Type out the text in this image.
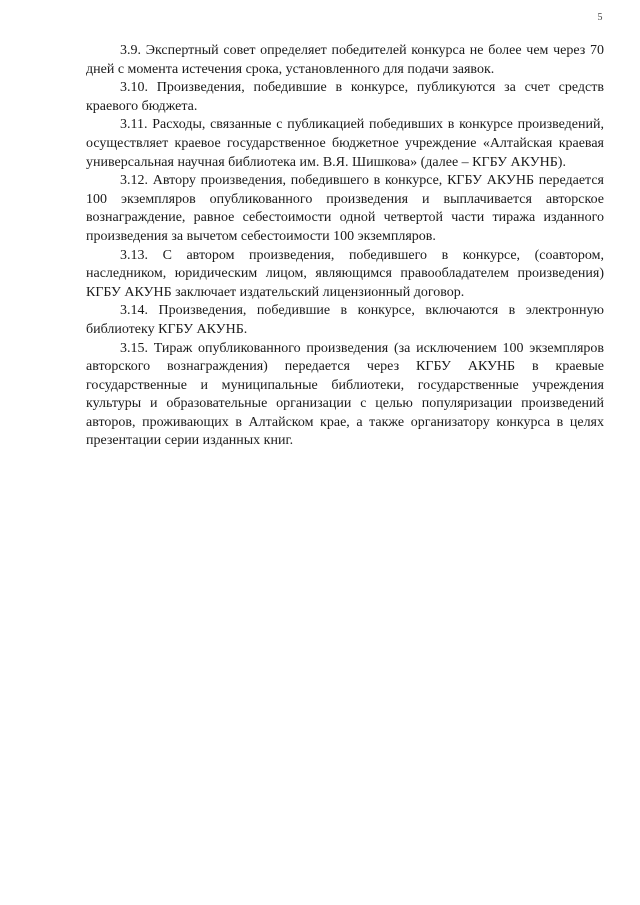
5

3.9. Экспертный совет определяет победителей конкурса не более чем через 70 дней с момента истечения срока, установленного для подачи заявок.

3.10. Произведения, победившие в конкурсе, публикуются за счет средств краевого бюджета.

3.11. Расходы, связанные с публикацией победивших в конкурсе произведений, осуществляет краевое государственное бюджетное учреждение «Алтайская краевая универсальная научная библиотека им. В.Я. Шишкова» (далее – КГБУ АКУНБ).

3.12. Автору произведения, победившего в конкурсе, КГБУ АКУНБ передается 100 экземпляров опубликованного произведения и выплачивается авторское вознаграждение, равное себестоимости одной четвертой части тиража изданного произведения за вычетом себестоимости 100 экземпляров.

3.13. С автором произведения, победившего в конкурсе, (соавтором, наследником, юридическим лицом, являющимся правообладателем произведения) КГБУ АКУНБ заключает издательский лицензионный договор.

3.14. Произведения, победившие в конкурсе, включаются в электронную библиотеку КГБУ АКУНБ.

3.15. Тираж опубликованного произведения (за исключением 100 экземпляров авторского вознаграждения) передается через КГБУ АКУНБ в краевые государственные и муниципальные библиотеки, государственные учреждения культуры и образовательные организации с целью популяризации произведений авторов, проживающих в Алтайском крае, а также организатору конкурса в целях презентации серии изданных книг.
